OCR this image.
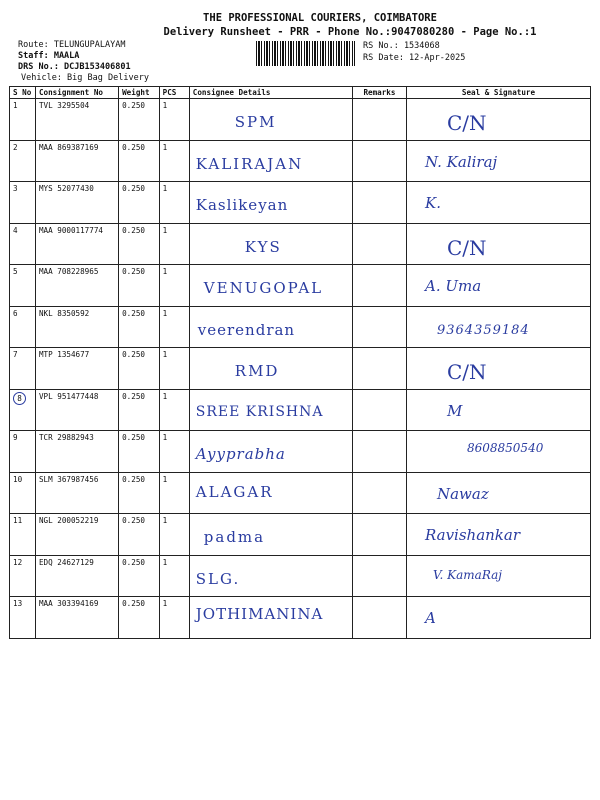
THE PROFESSIONAL COURIERS, COIMBATORE
Delivery Runsheet - PRR - Phone No.:9047080280 - Page No.:1
Route: TELUNGUPALAYAM
Staff: MAALA
DRS No.: DCJB153406801
Vehicle: Big Bag Delivery
RS No.: 1534068
RS Date: 12-Apr-2025
S No	Consignment No	Weight	PCS	Consignee Details	Remarks	Seal & Signature
1	TVL 3295504	0.250	1	SPM		C/N

2	MAA 869387169	0.250	1	KALIRAJAN		N. Kaliraj

3	MYS 52077430	0.250	1	Kaslikeyan		K.

4	MAA 9000117774	0.250	1	KYS		C/N

5	MAA 708228965	0.250	1	VENUGOPAL		A. Uma

6	NKL 8350592	0.250	1	veerendran		9364359184

7	MTP 1354677	0.250	1	RMD		C/N

8	VPL 951477448	0.250	1	SREE KRISHNA		M

9	TCR 29882943	0.250	1	Ayyprabha		8608850540

10	SLM 367987456	0.250	1	ALAGAR		Nawaz

11	NGL 200052219	0.250	1	padma		Ravishankar

12	EDQ 24627129	0.250	1	SLG.		V. KamaRaj

13	MAA 303394169	0.250	1	JOTHIMANINA		A
